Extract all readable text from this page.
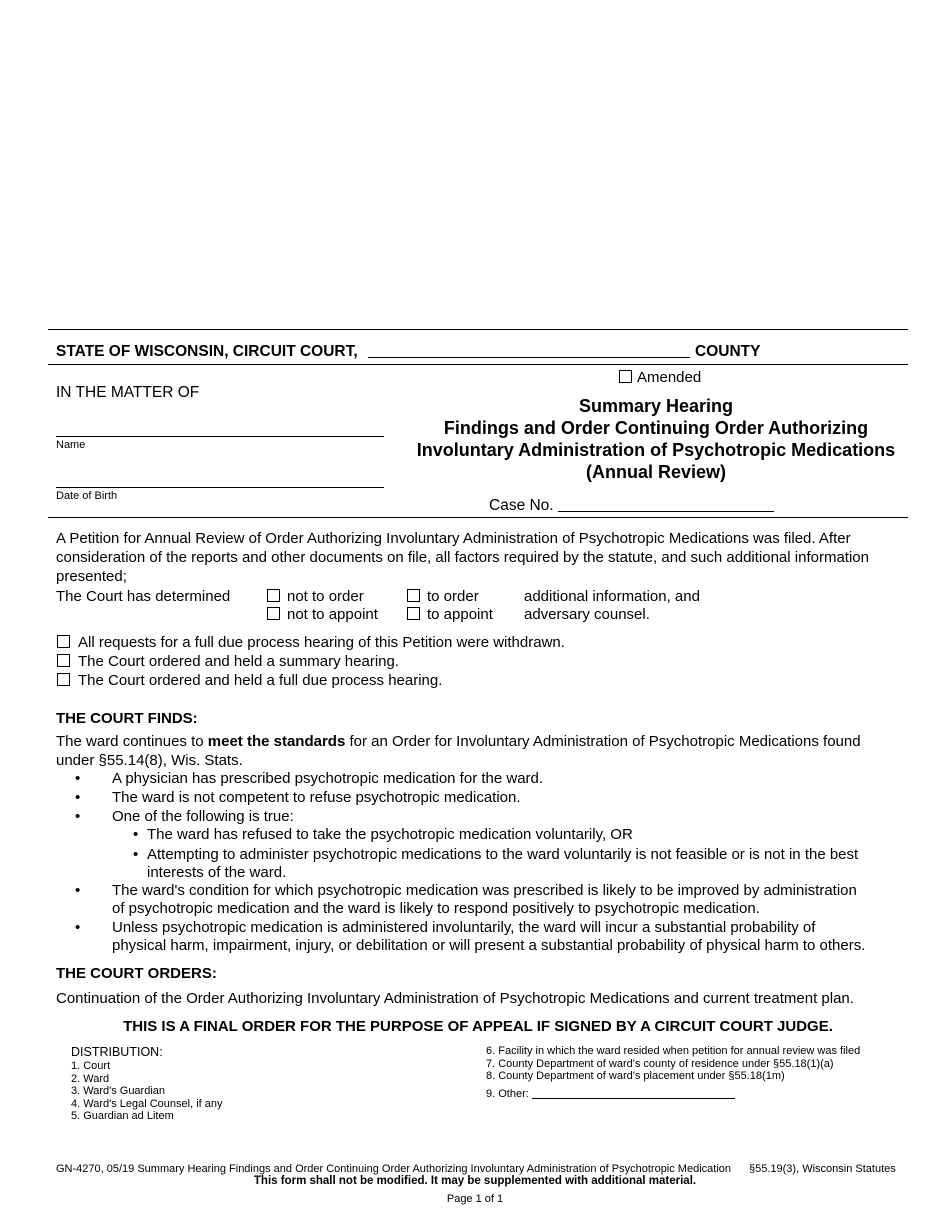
STATE OF WISCONSIN, CIRCUIT COURT,	COUNTY
IN THE MATTER OF
Name
Date of Birth
Amended
Summary Hearing
Findings and Order Continuing Order Authorizing
Involuntary Administration of Psychotropic Medications
(Annual Review)
Case No.
A Petition for Annual Review of Order Authorizing Involuntary Administration of Psychotropic Medications was filed. After
consideration of the reports and other documents on file, all factors required by the statute, and such additional information
presented;
The Court has determined	not to order
not to appoint
to order
to appoint
additional information, and
adversary counsel.
All requests for a full due process hearing of this Petition were withdrawn.
The Court ordered and held a summary hearing.
The Court ordered and held a full due process hearing.
THE COURT FINDS:
The ward continues to meet the standards for an Order for Involuntary Administration of Psychotropic Medications found
under §55.14(8), Wis. Stats.
• A physician has prescribed psychotropic medication for the ward.
• The ward is not competent to refuse psychotropic medication.
• One of the following is true:
• The ward has refused to take the psychotropic medication voluntarily, OR
• Attempting to administer psychotropic medications to the ward voluntarily is not feasible or is not in the best
interests of the ward.
• The ward's condition for which psychotropic medication was prescribed is likely to be improved by administration
of psychotropic medication and the ward is likely to respond positively to psychotropic medication.
• Unless psychotropic medication is administered involuntarily, the ward will incur a substantial probability of
physical harm, impairment, injury, or debilitation or will present a substantial probability of physical harm to others.
THE COURT ORDERS:
Continuation of the Order Authorizing Involuntary Administration of Psychotropic Medications and current treatment plan.
THIS IS A FINAL ORDER FOR THE PURPOSE OF APPEAL IF SIGNED BY A CIRCUIT COURT JUDGE.
DISTRIBUTION:
1. Court
2. Ward
3. Ward's Guardian
4. Ward's Legal Counsel, if any
5. Guardian ad Litem
6. Facility in which the ward resided when petition for annual review was filed
7. County Department of ward's county of residence under §55.18(1)(a)
8. County Department of ward's placement under §55.18(1m)
9. Other:
GN-4270, 05/19 Summary Hearing Findings and Order Continuing Order Authorizing Involuntary Administration of Psychotropic Medication §55.19(3), Wisconsin Statutes
This form shall not be modified. It may be supplemented with additional material.
Page 1 of 1
